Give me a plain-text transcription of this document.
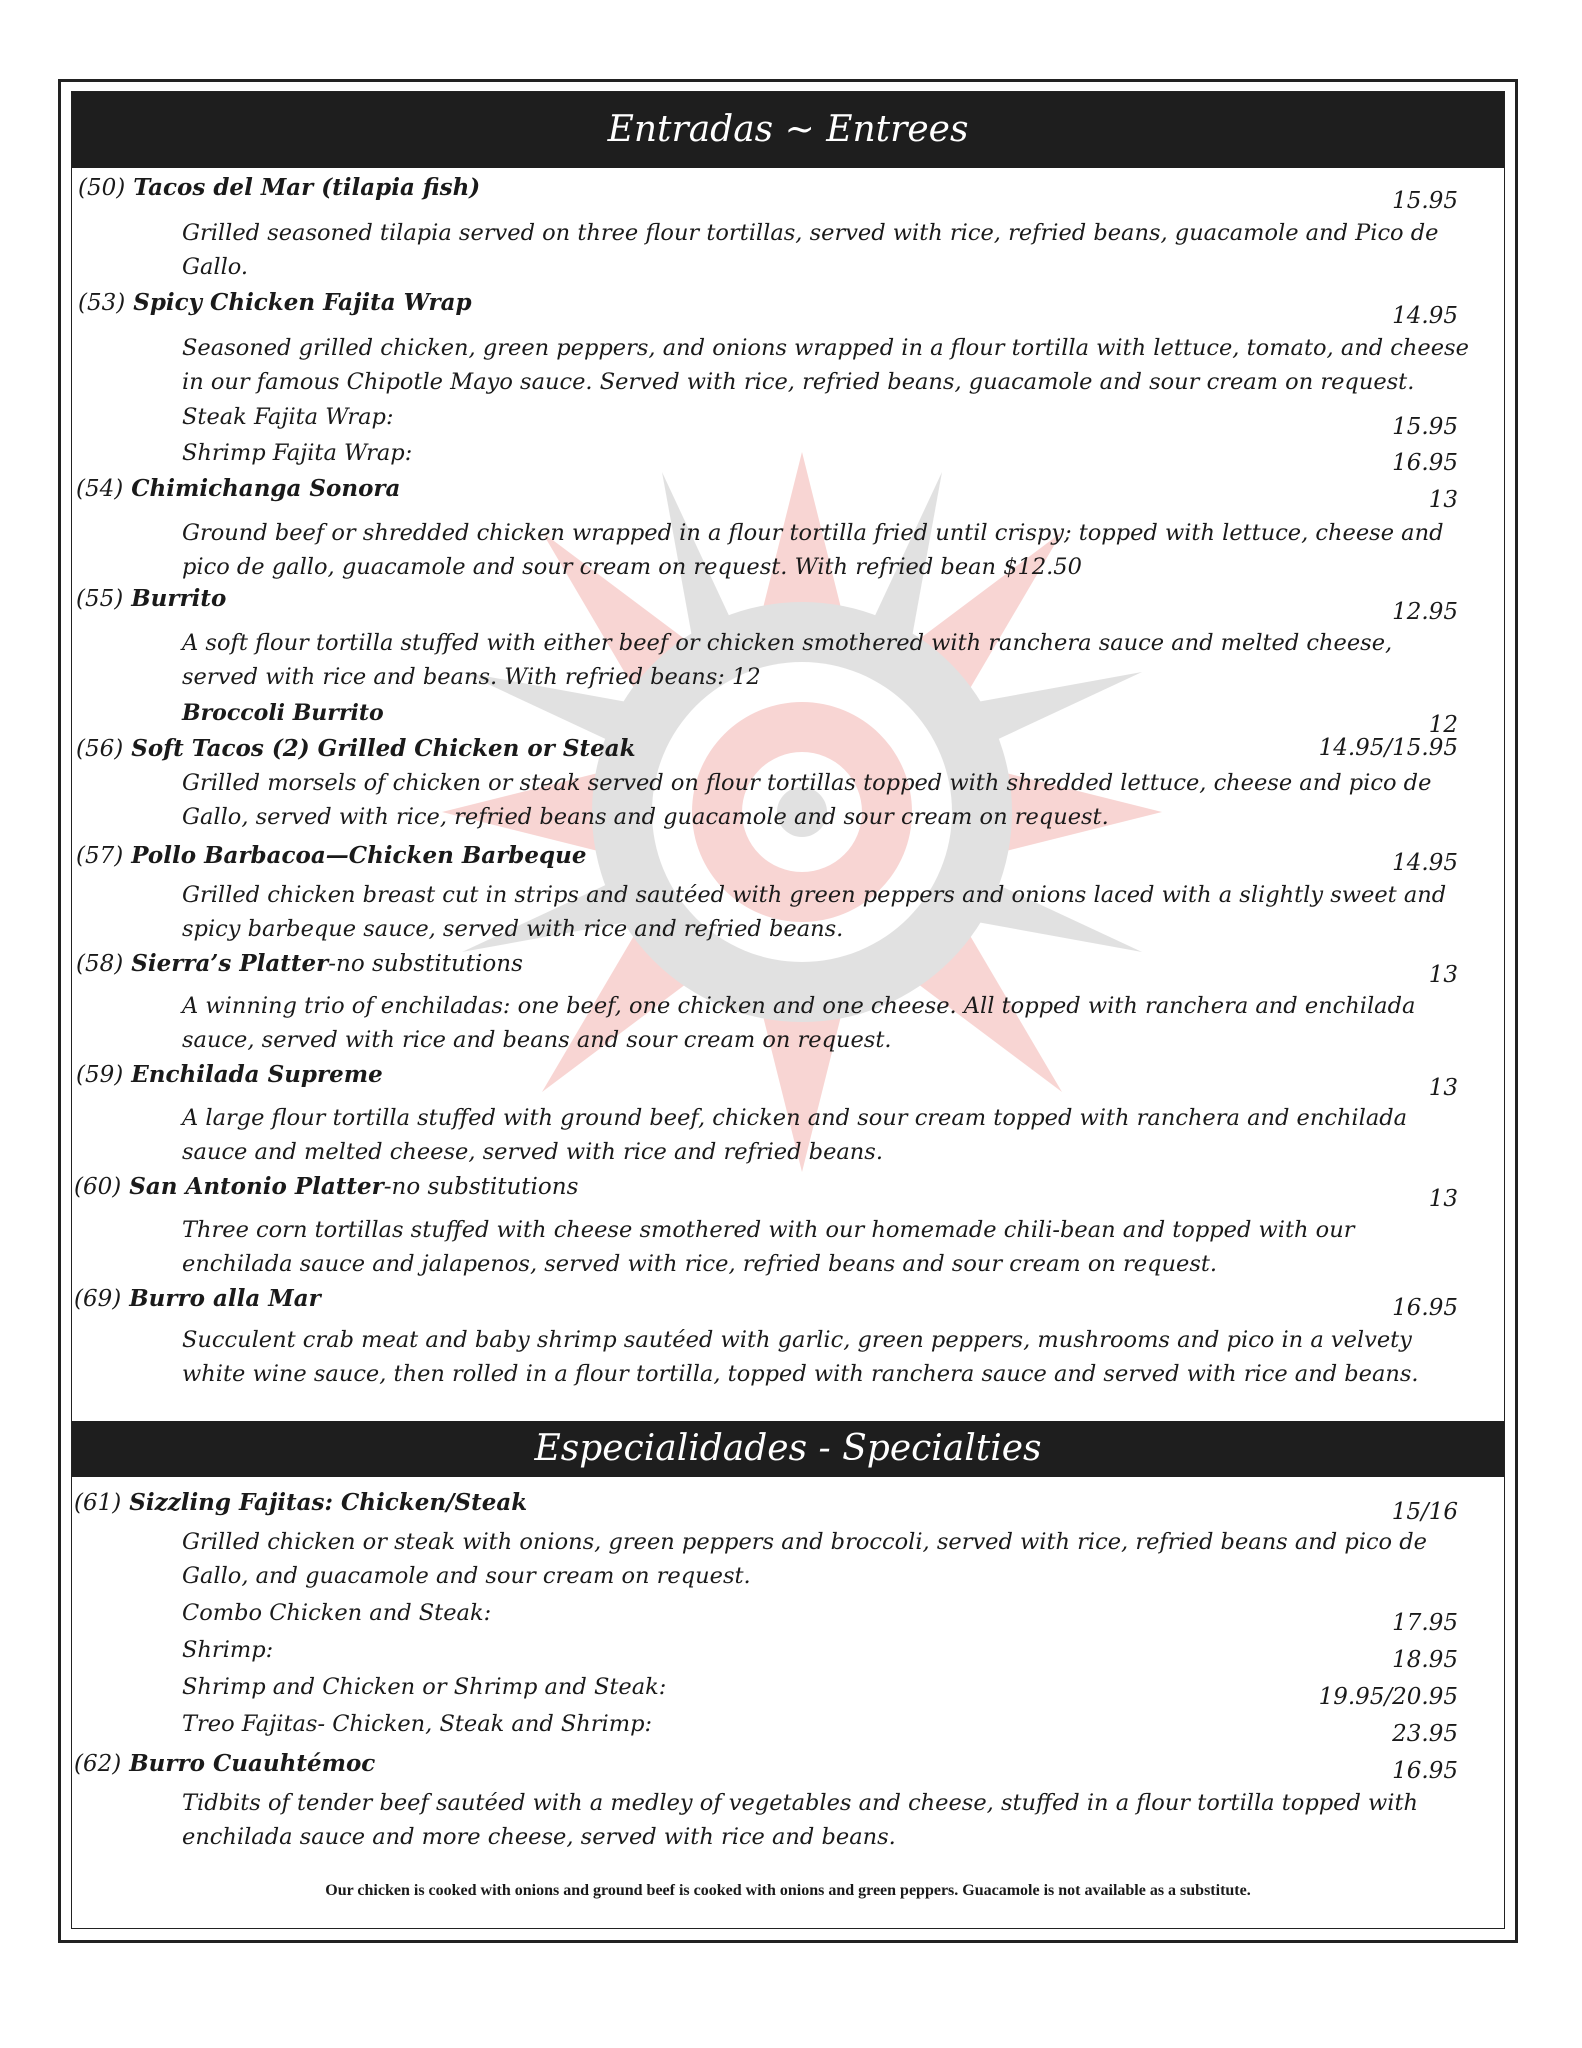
Entradas ~ Entrees
(50) Tacos del Mar (tilapia fish)	15.95
Grilled seasoned tilapia served on three flour tortillas, served with rice, refried beans, guacamole and Pico de Gallo.
(53) Spicy Chicken Fajita Wrap	14.95
Seasoned grilled chicken, green peppers, and onions wrapped in a flour tortilla with lettuce, tomato, and cheese in our famous Chipotle Mayo sauce. Served with rice, refried beans, guacamole and sour cream on request.
Steak Fajita Wrap:	15.95
Shrimp Fajita Wrap:	16.95
(54) Chimichanga Sonora	13
Ground beef or shredded chicken wrapped in a flour tortilla fried until crispy; topped with lettuce, cheese and pico de gallo, guacamole and sour cream on request. With refried bean $12.50
(55) Burrito	12.95
A soft flour tortilla stuffed with either beef or chicken smothered with ranchera sauce and melted cheese, served with rice and beans. With refried beans: 12
Broccoli Burrito	12
(56) Soft Tacos (2) Grilled Chicken or Steak	14.95/15.95
Grilled morsels of chicken or steak served on flour tortillas topped with shredded lettuce, cheese and pico de Gallo, served with rice, refried beans and guacamole and sour cream on request.
(57) Pollo Barbacoa—Chicken Barbeque	14.95
Grilled chicken breast cut in strips and sautéed with green peppers and onions laced with a slightly sweet and spicy barbeque sauce, served with rice and refried beans.
(58) Sierra’s Platter-no substitutions	13
A winning trio of enchiladas: one beef, one chicken and one cheese. All topped with ranchera and enchilada sauce, served with rice and beans and sour cream on request.
(59) Enchilada Supreme	13
A large flour tortilla stuffed with ground beef, chicken and sour cream topped with ranchera and enchilada sauce and melted cheese, served with rice and refried beans.
(60) San Antonio Platter-no substitutions	13
Three corn tortillas stuffed with cheese smothered with our homemade chili-bean and topped with our enchilada sauce and jalapenos, served with rice, refried beans and sour cream on request.
(69) Burro alla Mar	16.95
Succulent crab meat and baby shrimp sautéed with garlic, green peppers, mushrooms and pico in a velvety white wine sauce, then rolled in a flour tortilla, topped with ranchera sauce and served with rice and beans.
Especialidades - Specialties
(61) Sizzling Fajitas: Chicken/Steak	15/16
Grilled chicken or steak with onions, green peppers and broccoli, served with rice, refried beans and pico de Gallo, and guacamole and sour cream on request.
Combo Chicken and Steak:	17.95
Shrimp:	18.95
Shrimp and Chicken or Shrimp and Steak:	19.95/20.95
Treo Fajitas- Chicken, Steak and Shrimp:	23.95
(62) Burro Cuauhtémoc	16.95
Tidbits of tender beef sautéed with a medley of vegetables and cheese, stuffed in a flour tortilla topped with enchilada sauce and more cheese, served with rice and beans.
Our chicken is cooked with onions and ground beef is cooked with onions and green peppers. Guacamole is not available as a substitute.
